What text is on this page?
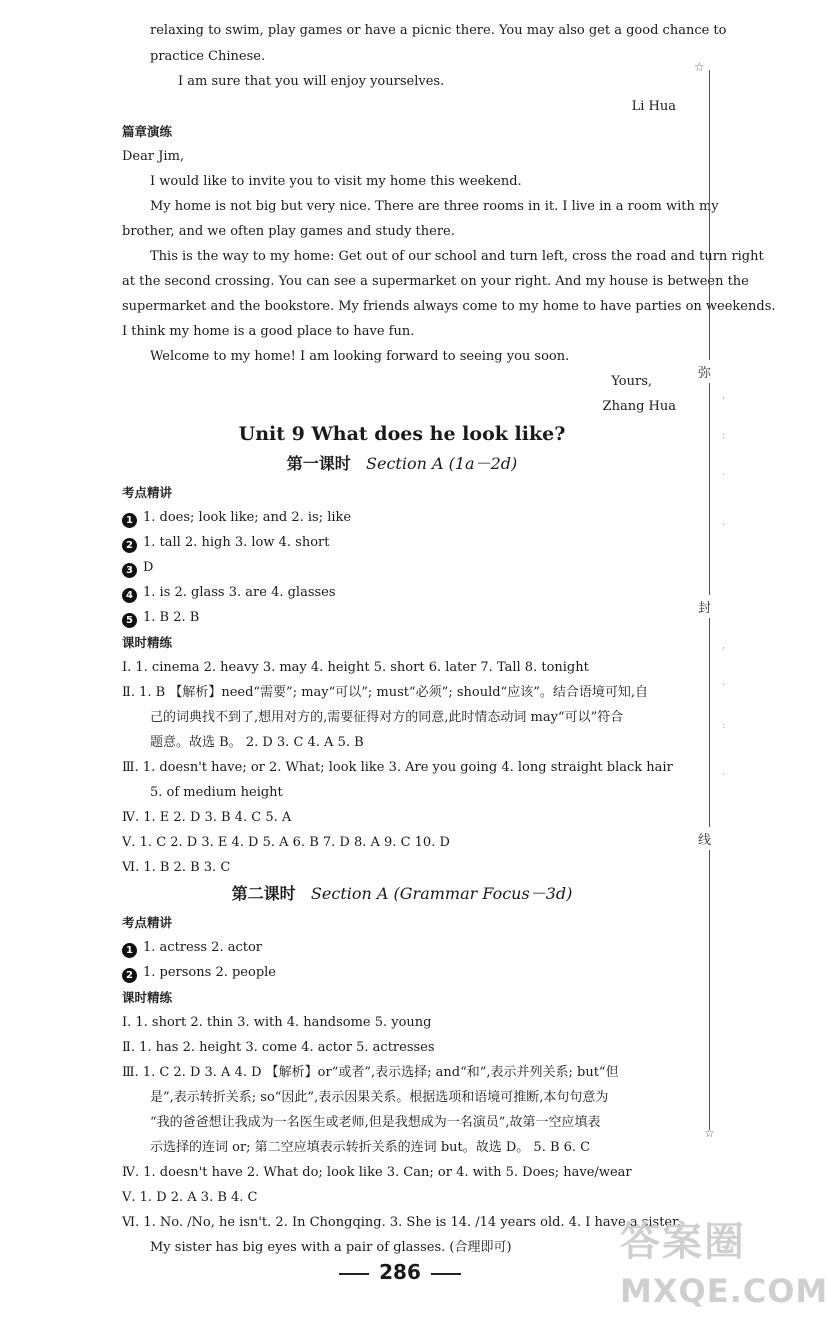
relaxing to swim, play games or have a picnic there. You may also get a good chance to
practice Chinese.
I am sure that you will enjoy yourselves.
Li Hua
篇章演练
Dear Jim,
I would like to invite you to visit my home this weekend.
My home is not big but very nice. There are three rooms in it. I live in a room with my
brother, and we often play games and study there.
This is the way to my home: Get out of our school and turn left, cross the road and turn right
at the second crossing. You can see a supermarket on your right. And my house is between the
supermarket and the bookstore. My friends always come to my home to have parties on weekends.
I think my home is a good place to have fun.
Welcome to my home! I am looking forward to seeing you soon.
Yours,
Zhang Hua
Unit 9 What does he look like?
第一课时 Section A (1a－2d)
考点精讲
1 1. does; look like; and 2. is; like
2 1. tall 2. high 3. low 4. short
3 D
4 1. is 2. glass 3. are 4. glasses
5 1. B 2. B
课时精练
Ⅰ. 1. cinema 2. heavy 3. may 4. height 5. short 6. later 7. Tall 8. tonight
Ⅱ. 1. B 【解析】need“需要”; may“可以”; must“必须”; should“应该”。结合语境可知,自
己的词典找不到了,想用对方的,需要征得对方的同意,此时情态动词 may“可以”符合
题意。故选 B。 2. D 3. C 4. A 5. B
Ⅲ. 1. doesn't have; or 2. What; look like 3. Are you going 4. long straight black hair
5. of medium height
Ⅳ. 1. E 2. D 3. B 4. C 5. A
Ⅴ. 1. C 2. D 3. E 4. D 5. A 6. B 7. D 8. A 9. C 10. D
Ⅵ. 1. B 2. B 3. C
第二课时 Section A (Grammar Focus－3d)
考点精讲
1 1. actress 2. actor
2 1. persons 2. people
课时精练
Ⅰ. 1. short 2. thin 3. with 4. handsome 5. young
Ⅱ. 1. has 2. height 3. come 4. actor 5. actresses
Ⅲ. 1. C 2. D 3. A 4. D 【解析】or“或者”,表示选择; and“和”,表示并列关系; but“但
是”,表示转折关系; so“因此”,表示因果关系。根据选项和语境可推断,本句句意为
“我的爸爸想让我成为一名医生或老师,但是我想成为一名演员”,故第一空应填表
示选择的连词 or; 第二空应填表示转折关系的连词 but。故选 D。 5. B 6. C
Ⅳ. 1. doesn't have 2. What do; look like 3. Can; or 4. with 5. Does; have/wear
Ⅴ. 1. D 2. A 3. B 4. C
Ⅵ. 1. No. /No, he isn't. 2. In Chongqing. 3. She is 14. /14 years old. 4. I have a sister.
My sister has big eyes with a pair of glasses. (合理即可)
☆
☆
弥
封
线
,
:
·
·
,
·
:
·
286
答案圈
MXQE.COM
